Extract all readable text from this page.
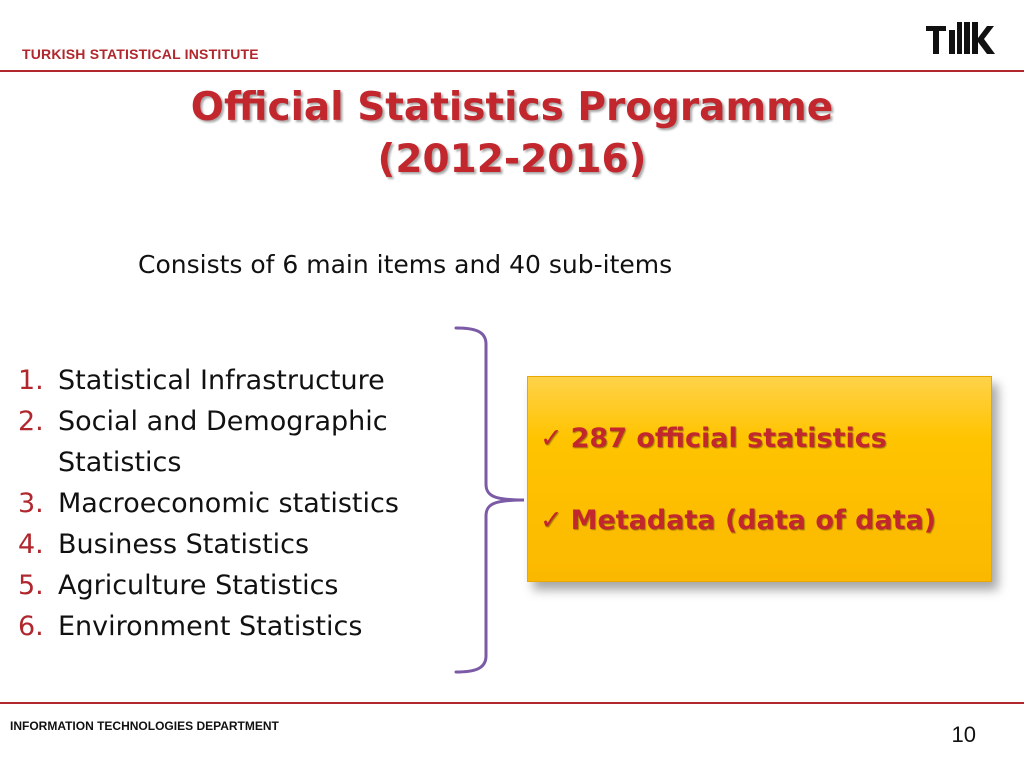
TURKISH STATISTICAL INSTITUTE
Official Statistics Programme
(2012-2016)
Consists of 6 main items and 40 sub-items
1. Statistical Infrastructure
2. Social and Demographic Statistics
3. Macroeconomic statistics
4. Business Statistics
5. Agriculture Statistics
6. Environment Statistics
✓ 287 official statistics
✓ Metadata (data of data)
INFORMATION TECHNOLOGIES DEPARTMENT	10
